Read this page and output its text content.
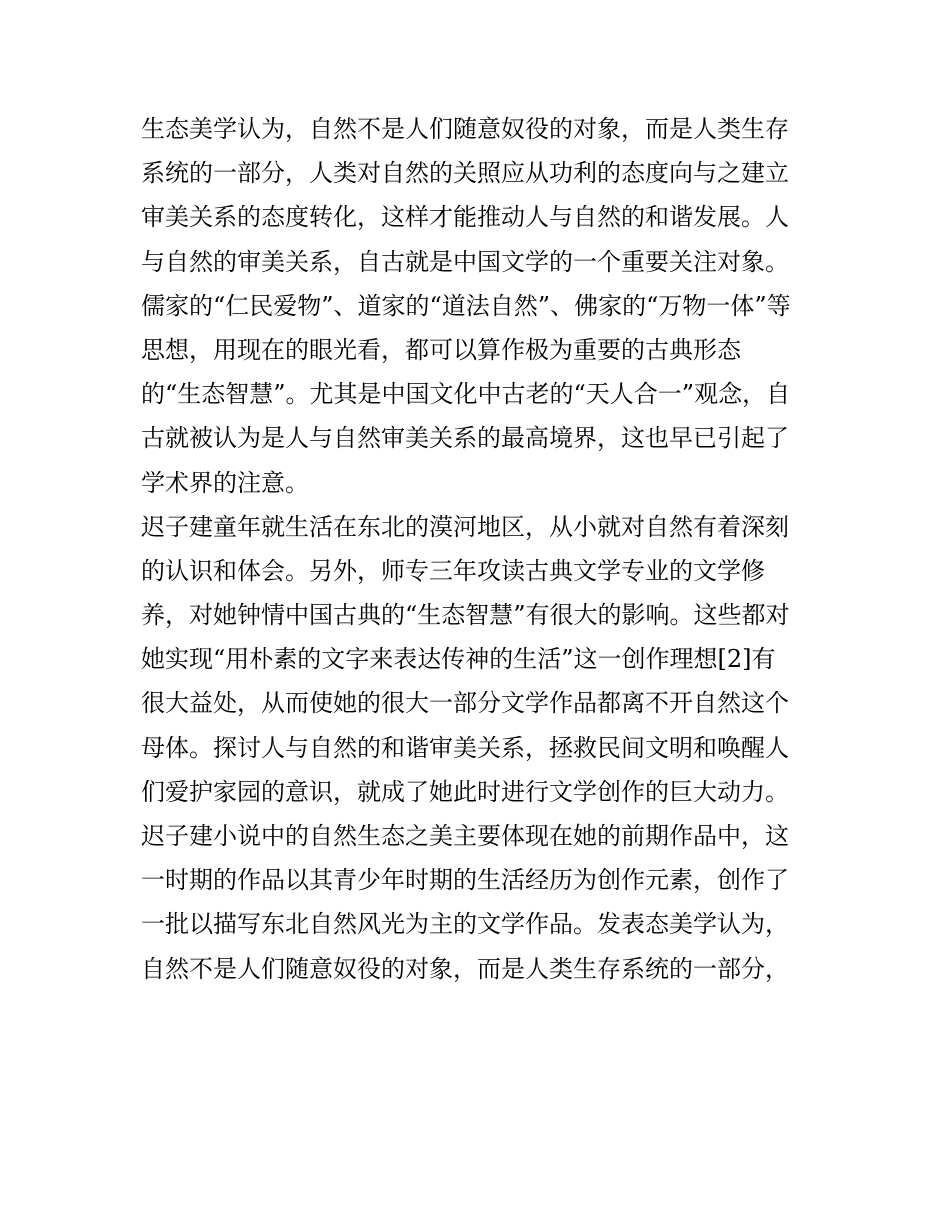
生态美学认为，自然不是人们随意奴役的对象，而是人类生存
系统的一部分，人类对自然的关照应从功利的态度向与之建立
审美关系的态度转化，这样才能推动人与自然的和谐发展。人
与自然的审美关系，自古就是中国文学的一个重要关注对象。
儒家的“仁民爱物”、道家的“道法自然”、佛家的“万物一体”等
思想，用现在的眼光看，都可以算作极为重要的古典形态
的“生态智慧”。尤其是中国文化中古老的“天人合一”观念，自
古就被认为是人与自然审美关系的最高境界，这也早已引起了
学术界的注意。
迟子建童年就生活在东北的漠河地区，从小就对自然有着深刻
的认识和体会。另外，师专三年攻读古典文学专业的文学修
养，对她钟情中国古典的“生态智慧”有很大的影响。这些都对
她实现“用朴素的文字来表达传神的生活”这一创作理想[2]有
很大益处，从而使她的很大一部分文学作品都离不开自然这个
母体。探讨人与自然的和谐审美关系，拯救民间文明和唤醒人
们爱护家园的意识，就成了她此时进行文学创作的巨大动力。
迟子建小说中的自然生态之美主要体现在她的前期作品中，这
一时期的作品以其青少年时期的生活经历为创作元素，创作了
一批以描写东北自然风光为主的文学作品。发表态美学认为，
自然不是人们随意奴役的对象，而是人类生存系统的一部分，
